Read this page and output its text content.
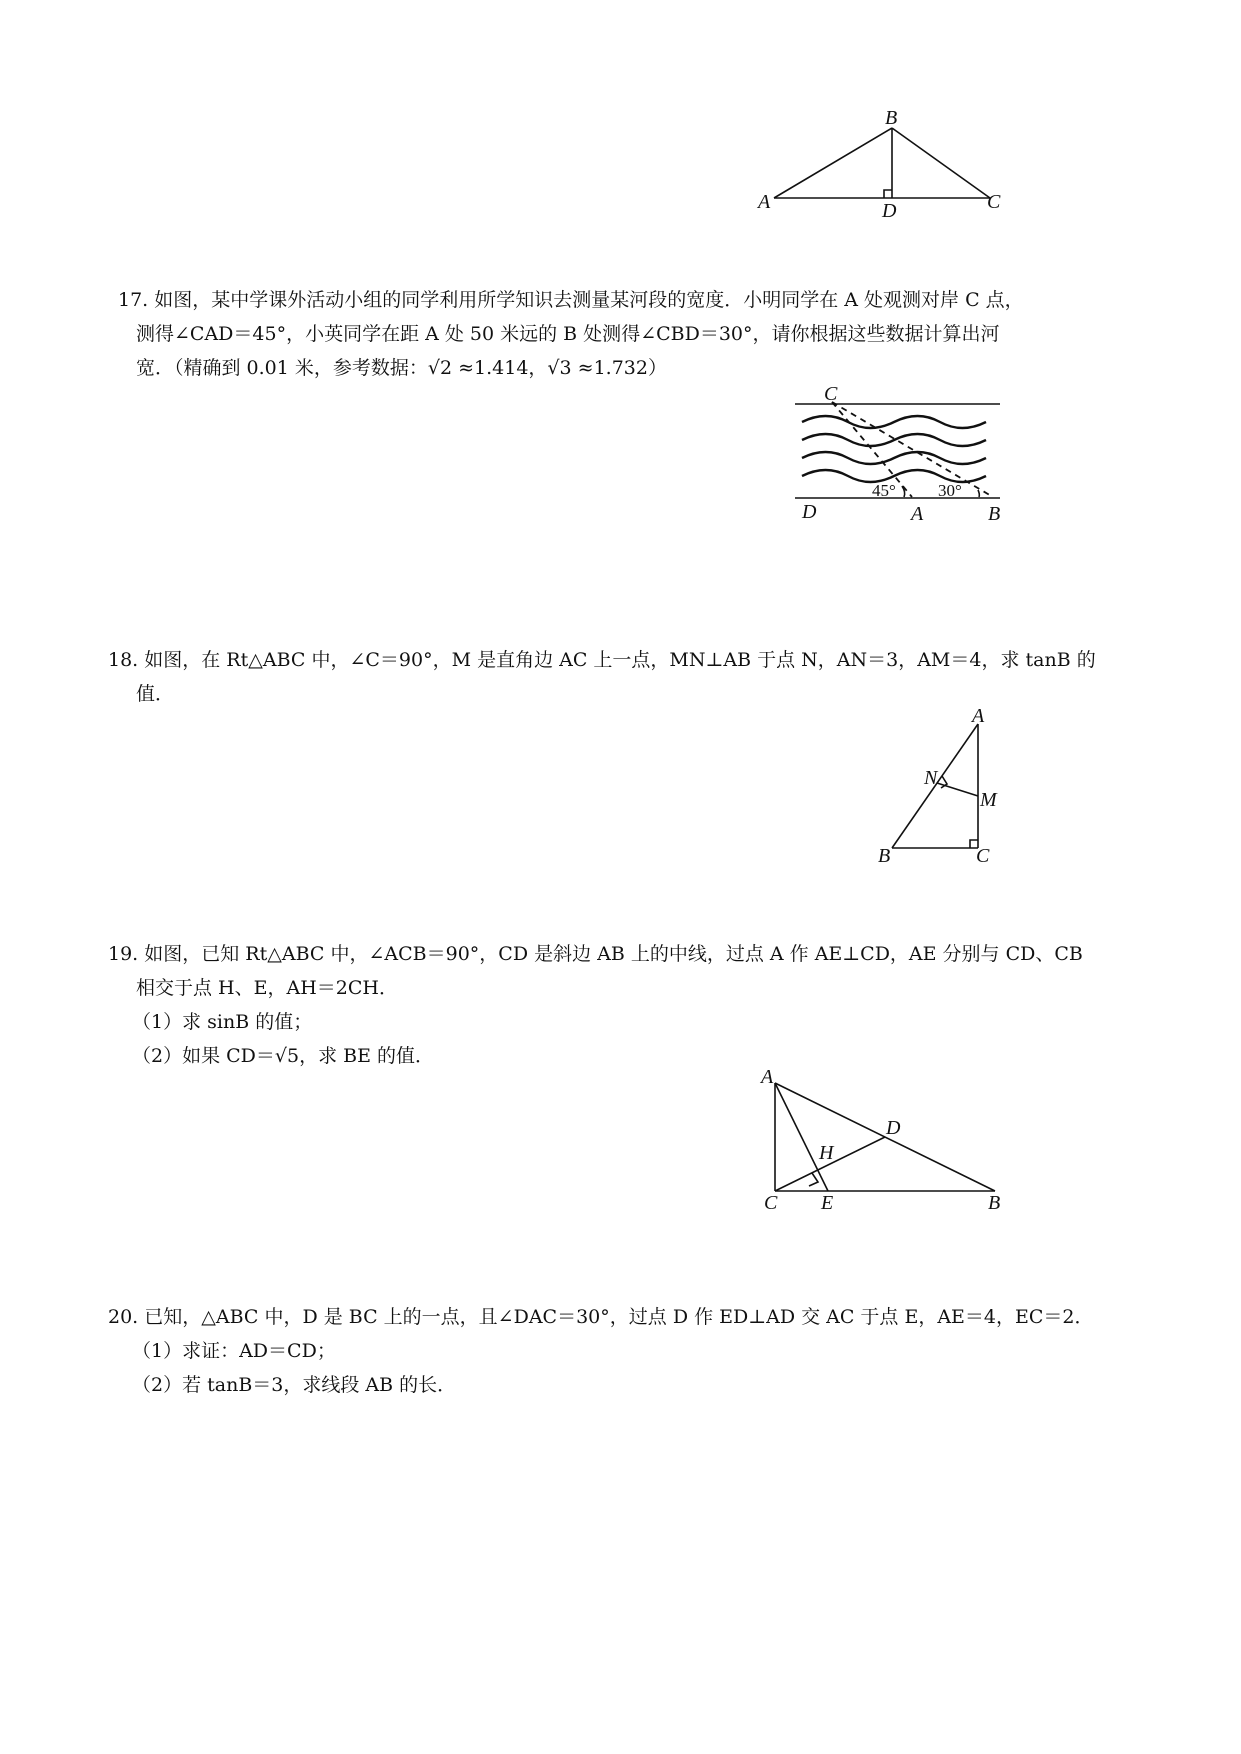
A
B
C
D
17. 如图，某中学课外活动小组的同学利用所学知识去测量某河段的宽度．小明同学在 A 处观测对岸 C 点，
测得∠CAD＝45°，小英同学在距 A 处 50 米远的 B 处测得∠CBD＝30°，请你根据这些数据计算出河
宽．（精确到 0.01 米，参考数据：√2 ≈1.414，√3 ≈1.732）
C
D	A	B
45° 30°
18. 如图，在 Rt△ABC 中，∠C＝90°，M 是直角边 AC 上一点，MN⊥AB 于点 N，AN＝3，AM＝4，求 tanB 的
值．
A
N
M
B	C
19. 如图，已知 Rt△ABC 中，∠ACB＝90°，CD 是斜边 AB 上的中线，过点 A 作 AE⊥CD，AE 分别与 CD、CB
相交于点 H、E，AH＝2CH．
（1）求 sinB 的值；
（2）如果 CD＝√5，求 BE 的值．
A
D
H
C E	B
20. 已知，△ABC 中，D 是 BC 上的一点，且∠DAC＝30°，过点 D 作 ED⊥AD 交 AC 于点 E，AE＝4，EC＝2．
（1）求证：AD＝CD；
（2）若 tanB＝3，求线段 AB 的长．
